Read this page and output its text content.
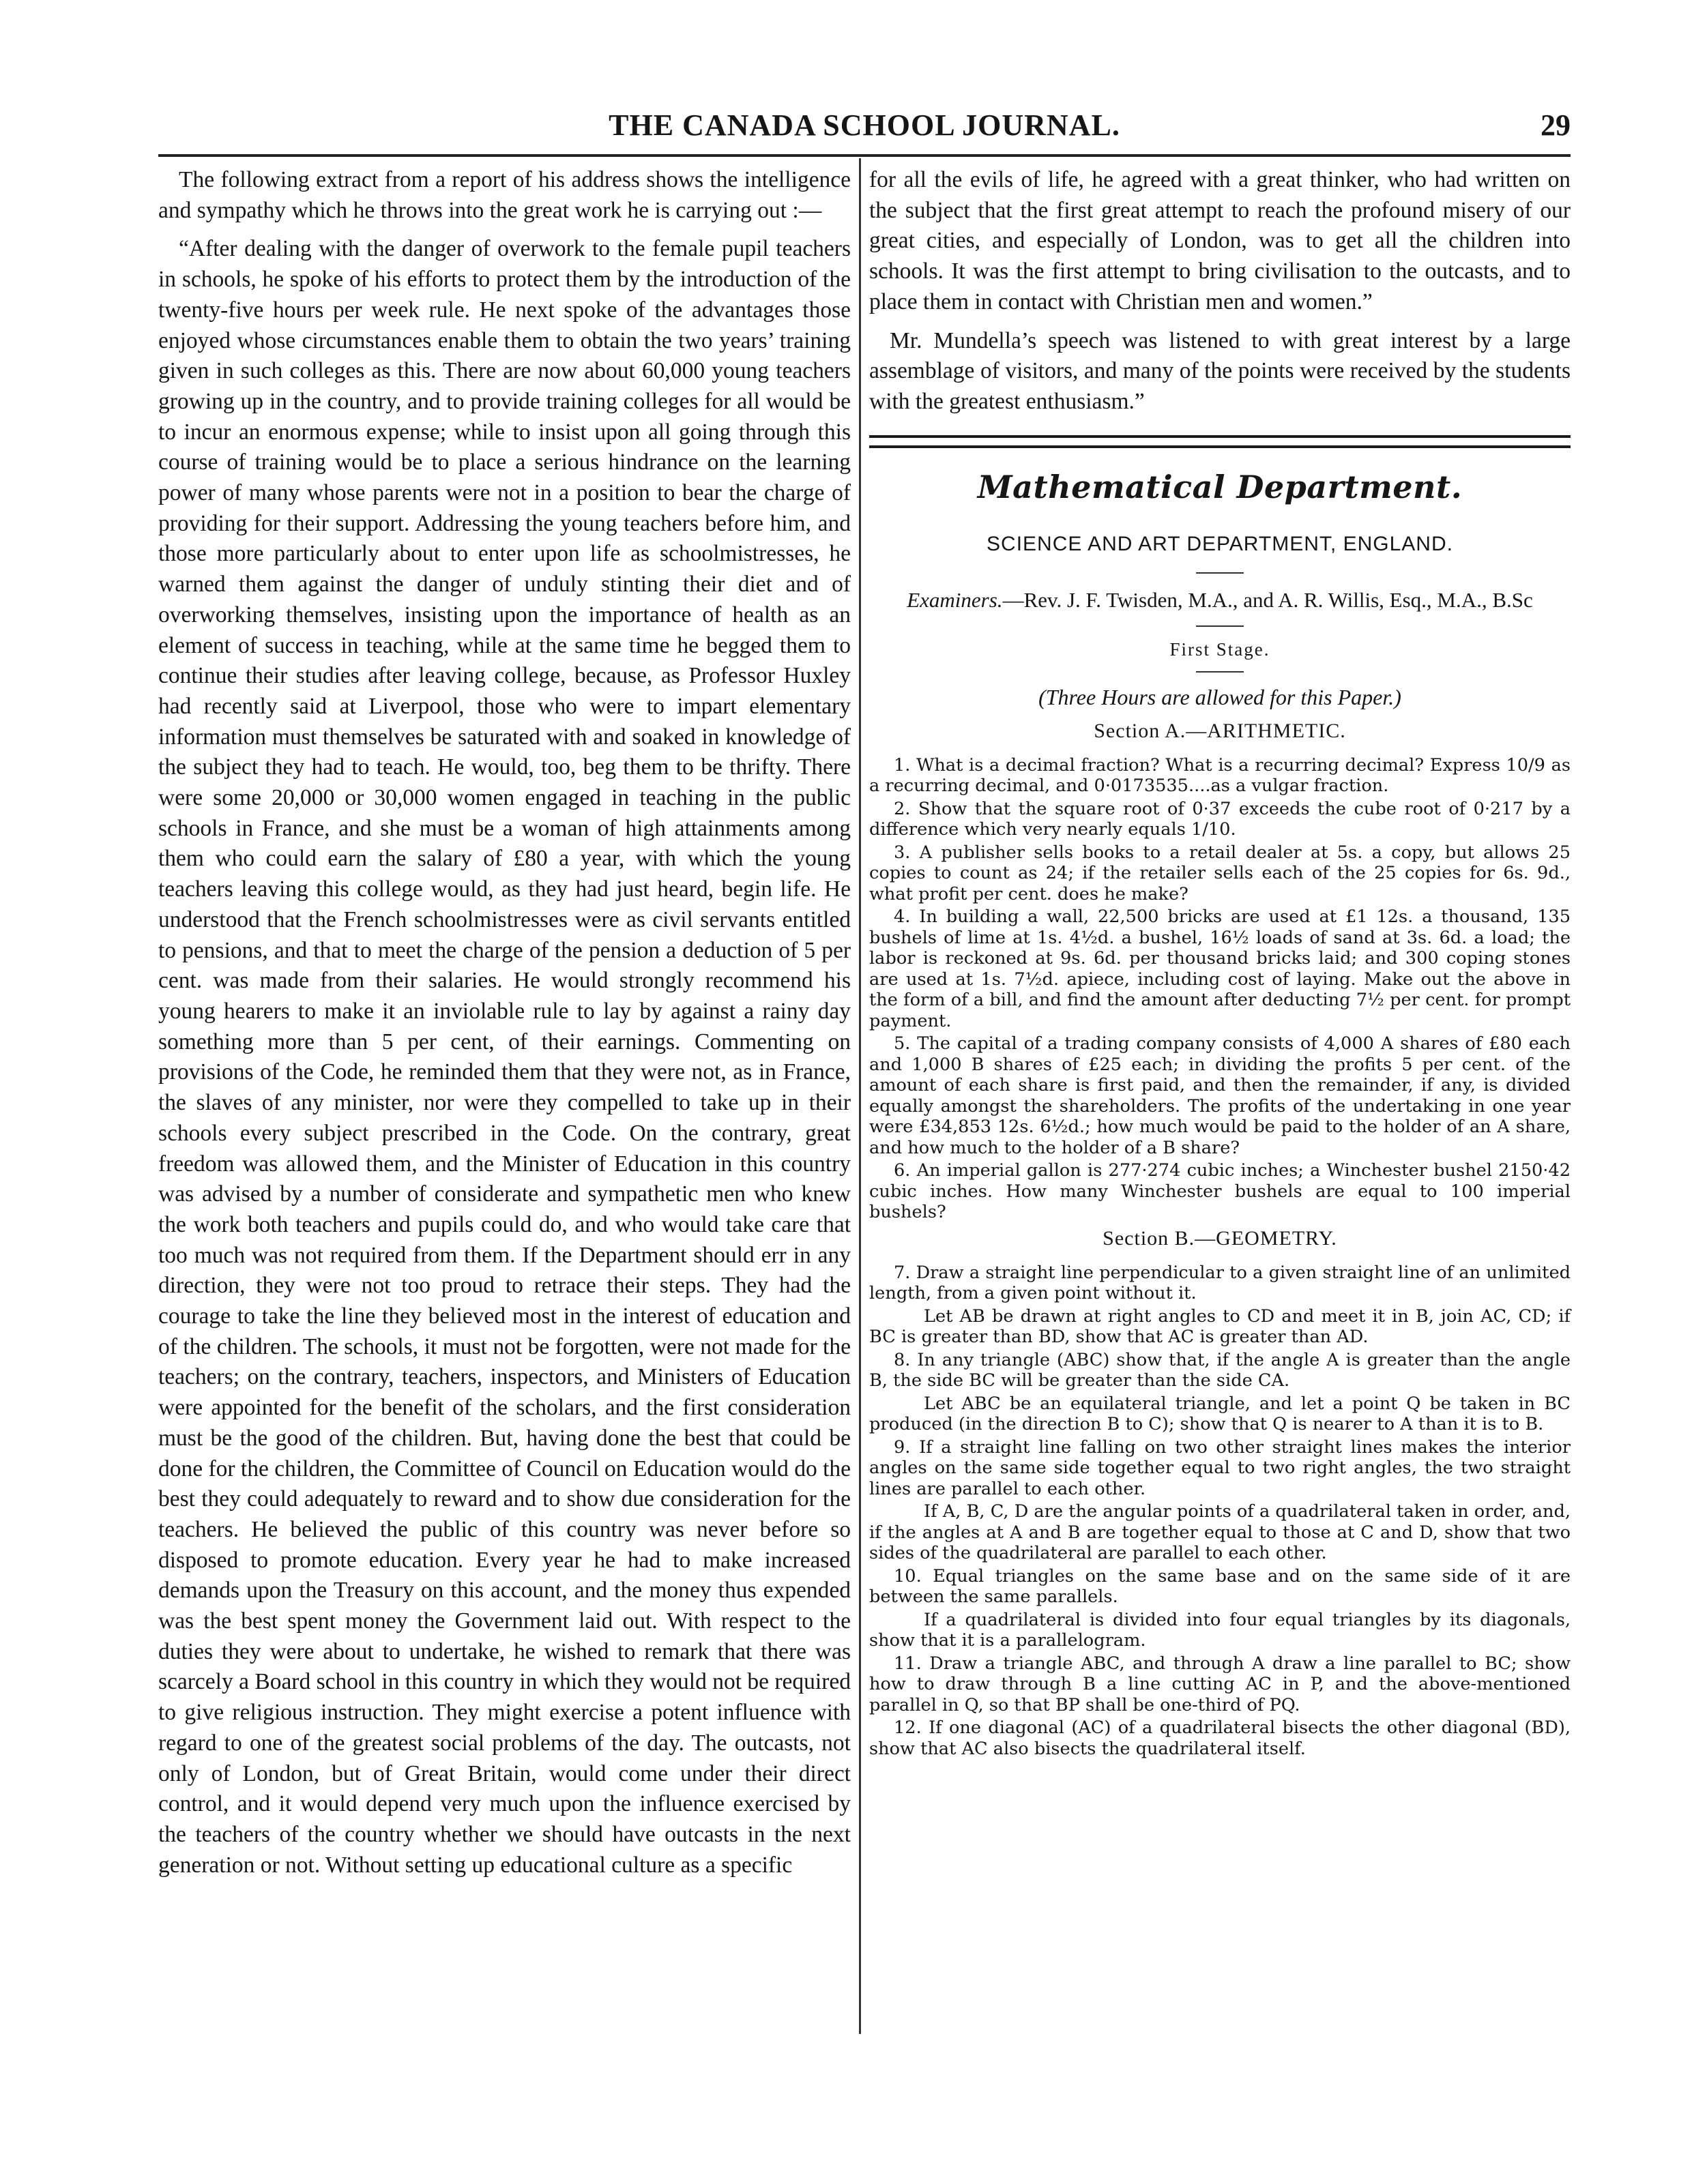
THE CANADA SCHOOL JOURNAL.	29

The following extract from a report of his address shows the intelligence and sympathy which he throws into the great work he is carrying out :—

“After dealing with the danger of overwork to the female pupil teachers in schools, he spoke of his efforts to protect them by the introduction of the twenty-five hours per week rule. He next spoke of the advantages those enjoyed whose circumstances enable them to obtain the two years’ training given in such colleges as this. There are now about 60,000 young teachers growing up in the country, and to provide training colleges for all would be to incur an enormous expense; while to insist upon all going through this course of training would be to place a serious hindrance on the learning power of many whose parents were not in a position to bear the charge of providing for their support. Addressing the young teachers before him, and those more particularly about to enter upon life as schoolmistresses, he warned them against the danger of unduly stinting their diet and of overworking themselves, insisting upon the importance of health as an element of success in teaching, while at the same time he begged them to continue their studies after leaving college, because, as Professor Huxley had recently said at Liverpool, those who were to impart elementary information must themselves be saturated with and soaked in knowledge of the subject they had to teach. He would, too, beg them to be thrifty. There were some 20,000 or 30,000 women engaged in teaching in the public schools in France, and she must be a woman of high attainments among them who could earn the salary of £80 a year, with which the young teachers leaving this college would, as they had just heard, begin life. He understood that the French schoolmistresses were as civil servants entitled to pensions, and that to meet the charge of the pension a deduction of 5 per cent. was made from their salaries. He would strongly recommend his young hearers to make it an inviolable rule to lay by against a rainy day something more than 5 per cent, of their earnings. Commenting on provisions of the Code, he reminded them that they were not, as in France, the slaves of any minister, nor were they compelled to take up in their schools every subject prescribed in the Code. On the contrary, great freedom was allowed them, and the Minister of Education in this country was advised by a number of considerate and sympathetic men who knew the work both teachers and pupils could do, and who would take care that too much was not required from them. If the Department should err in any direction, they were not too proud to retrace their steps. They had the courage to take the line they believed most in the interest of education and of the children. The schools, it must not be forgotten, were not made for the teachers; on the contrary, teachers, inspectors, and Ministers of Education were appointed for the benefit of the scholars, and the first consideration must be the good of the children. But, having done the best that could be done for the children, the Committee of Council on Education would do the best they could adequately to reward and to show due consideration for the teachers. He believed the public of this country was never before so disposed to promote education. Every year he had to make increased demands upon the Treasury on this account, and the money thus expended was the best spent money the Government laid out. With respect to the duties they were about to undertake, he wished to remark that there was scarcely a Board school in this country in which they would not be required to give religious instruction. They might exercise a potent influence with regard to one of the greatest social problems of the day. The outcasts, not only of London, but of Great Britain, would come under their direct control, and it would depend very much upon the influence exercised by the teachers of the country whether we should have outcasts in the next generation or not. Without setting up educational culture as a specific

for all the evils of life, he agreed with a great thinker, who had written on the subject that the first great attempt to reach the profound misery of our great cities, and especially of London, was to get all the children into schools. It was the first attempt to bring civilisation to the outcasts, and to place them in contact with Christian men and women.”

Mr. Mundella’s speech was listened to with great interest by a large assemblage of visitors, and many of the points were received by the students with the greatest enthusiasm.”

Mathematical Department.
SCIENCE AND ART DEPARTMENT, ENGLAND.
Examiners.—Rev. J. F. Twisden, M.A., and A. R. Willis, Esq., M.A., B.Sc
First Stage.
(Three Hours are allowed for this Paper.)
Section A.—ARITHMETIC.

1. What is a decimal fraction? What is a recurring decimal? Express 10/9 as a recurring decimal, and 0·0173535....as a vulgar fraction.

2. Show that the square root of 0·37 exceeds the cube root of 0·217 by a difference which very nearly equals 1/10.

3. A publisher sells books to a retail dealer at 5s. a copy, but allows 25 copies to count as 24; if the retailer sells each of the 25 copies for 6s. 9d., what profit per cent. does he make?

4. In building a wall, 22,500 bricks are used at £1 12s. a thousand, 135 bushels of lime at 1s. 4½d. a bushel, 16½ loads of sand at 3s. 6d. a load; the labor is reckoned at 9s. 6d. per thousand bricks laid; and 300 coping stones are used at 1s. 7½d. apiece, including cost of laying. Make out the above in the form of a bill, and find the amount after deducting 7½ per cent. for prompt payment.

5. The capital of a trading company consists of 4,000 A shares of £80 each and 1,000 B shares of £25 each; in dividing the profits 5 per cent. of the amount of each share is first paid, and then the remainder, if any, is divided equally amongst the shareholders. The profits of the undertaking in one year were £34,853 12s. 6½d.; how much would be paid to the holder of an A share, and how much to the holder of a B share?

6. An imperial gallon is 277·274 cubic inches; a Winchester bushel 2150·42 cubic inches. How many Winchester bushels are equal to 100 imperial bushels?

Section B.—GEOMETRY.

7. Draw a straight line perpendicular to a given straight line of an unlimited length, from a given point without it.

Let AB be drawn at right angles to CD and meet it in B, join AC, CD; if BC is greater than BD, show that AC is greater than AD.

8. In any triangle (ABC) show that, if the angle A is greater than the angle B, the side BC will be greater than the side CA.

Let ABC be an equilateral triangle, and let a point Q be taken in BC produced (in the direction B to C); show that Q is nearer to A than it is to B.

9. If a straight line falling on two other straight lines makes the interior angles on the same side together equal to two right angles, the two straight lines are parallel to each other.

If A, B, C, D are the angular points of a quadrilateral taken in order, and, if the angles at A and B are together equal to those at C and D, show that two sides of the quadrilateral are parallel to each other.

10. Equal triangles on the same base and on the same side of it are between the same parallels.

If a quadrilateral is divided into four equal triangles by its diagonals, show that it is a parallelogram.

11. Draw a triangle ABC, and through A draw a line parallel to BC; show how to draw through B a line cutting AC in P, and the above-mentioned parallel in Q, so that BP shall be one-third of PQ.

12. If one diagonal (AC) of a quadrilateral bisects the other diagonal (BD), show that AC also bisects the quadrilateral itself.
